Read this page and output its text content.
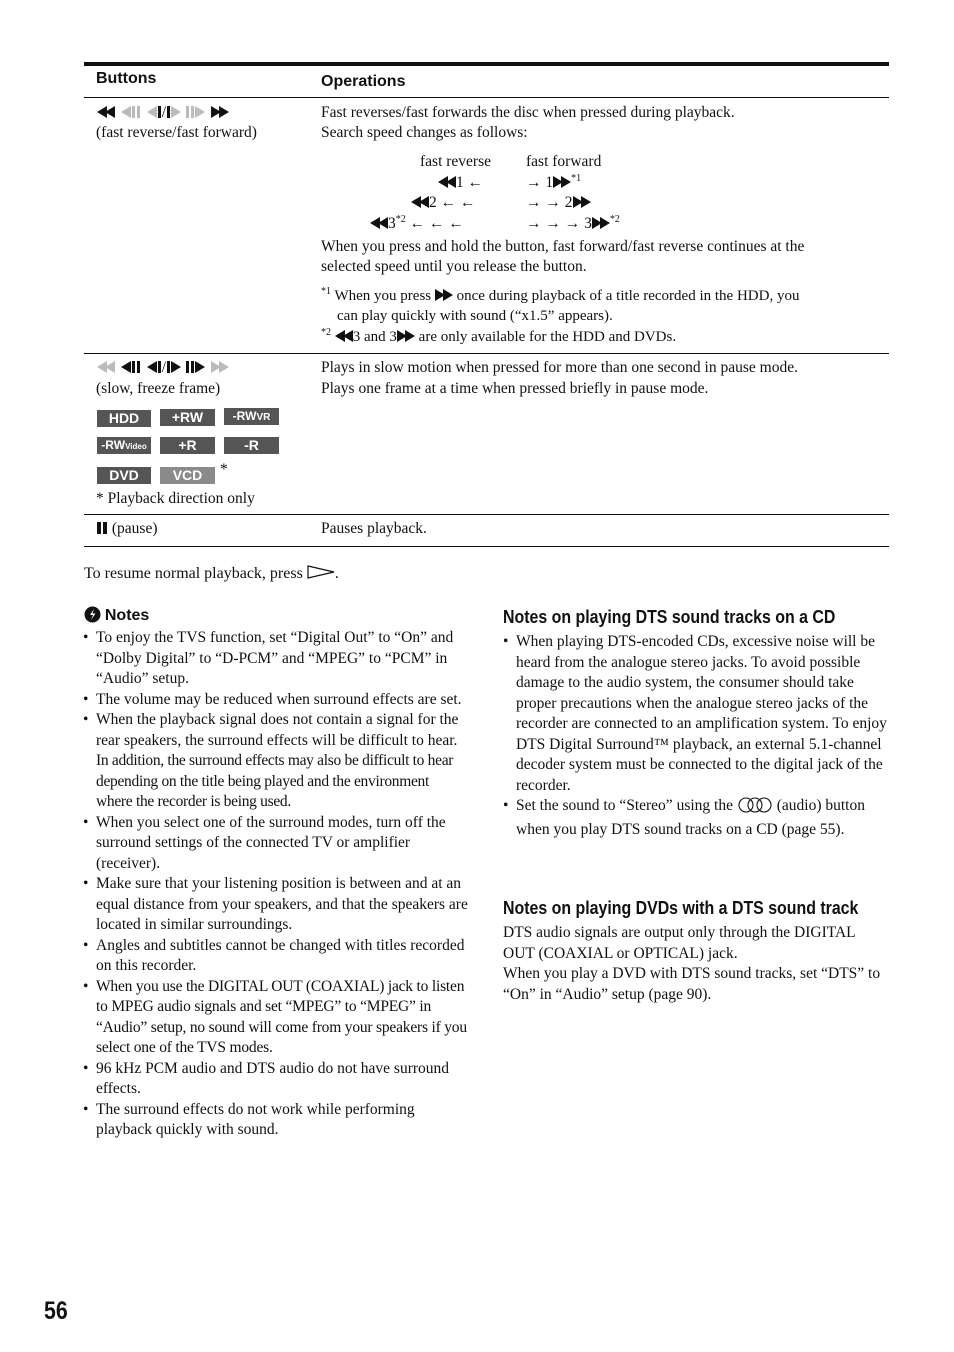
Buttons	Operations
/
(fast reverse/fast forward)
Fast reverses/fast forwards the disc when pressed during playback.
Search speed changes as follows:
fast reverse fast forward
1 ←	→ 1 $^{*1}$
2 ← ←	→ → 2
3$^{*2}$ ← ← ←	→ → → 3 $^{*2}$
When you press and hold the button, fast forward/fast reverse continues at the
selected speed until you release the button.
$^{*1}$ When you press once during playback of a title recorded in the HDD, you
can play quickly with sound (“x1.5” appears).
$^{*2}$ 3 and 3 are only available for the HDD and DVDs.
/
(slow, freeze frame)
HDD	+RW	-RWVR
-RWVideo	+R	-R
DVD	VCD	*
* Playback direction only
Plays in slow motion when pressed for more than one second in pause mode.
Plays one frame at a time when pressed briefly in pause mode.
(pause)	Pauses playback.
To resume normal playback, press .
Notes
• To enjoy the TVS function, set “Digital Out” to “On” and “Dolby Digital” to “D-PCM” and “MPEG” to “PCM” in “Audio” setup.
• The volume may be reduced when surround effects are set.
• When the playback signal does not contain a signal for the rear speakers, the surround effects will be difficult to hear.
In addition, the surround effects may also be difficult to hear depending on the title being played and the environment where the recorder is being used.
• When you select one of the surround modes, turn off the surround settings of the connected TV or amplifier (receiver).
• Make sure that your listening position is between and at an equal distance from your speakers, and that the speakers are located in similar surroundings.
• Angles and subtitles cannot be changed with titles recorded on this recorder.
• When you use the DIGITAL OUT (COAXIAL) jack to listen to MPEG audio signals and set “MPEG” to “MPEG” in “Audio” setup, no sound will come from your speakers if you select one of the TVS modes.
• 96 kHz PCM audio and DTS audio do not have surround effects.
• The surround effects do not work while performing playback quickly with sound.
Notes on playing DTS sound tracks on a CD
• When playing DTS-encoded CDs, excessive noise will be heard from the analogue stereo jacks. To avoid possible damage to the audio system, the consumer should take proper precautions when the analogue stereo jacks of the recorder are connected to an amplification system. To enjoy DTS Digital Surround™ playback, an external 5.1-channel decoder system must be connected to the digital jack of the recorder.
• Set the sound to “Stereo” using the	(audio) button when you play DTS sound tracks on a CD (page 55).
Notes on playing DVDs with a DTS sound track
DTS audio signals are output only through the DIGITAL OUT (COAXIAL or OPTICAL) jack.
When you play a DVD with DTS sound tracks, set “DTS” to “On” in “Audio” setup (page 90).
56
